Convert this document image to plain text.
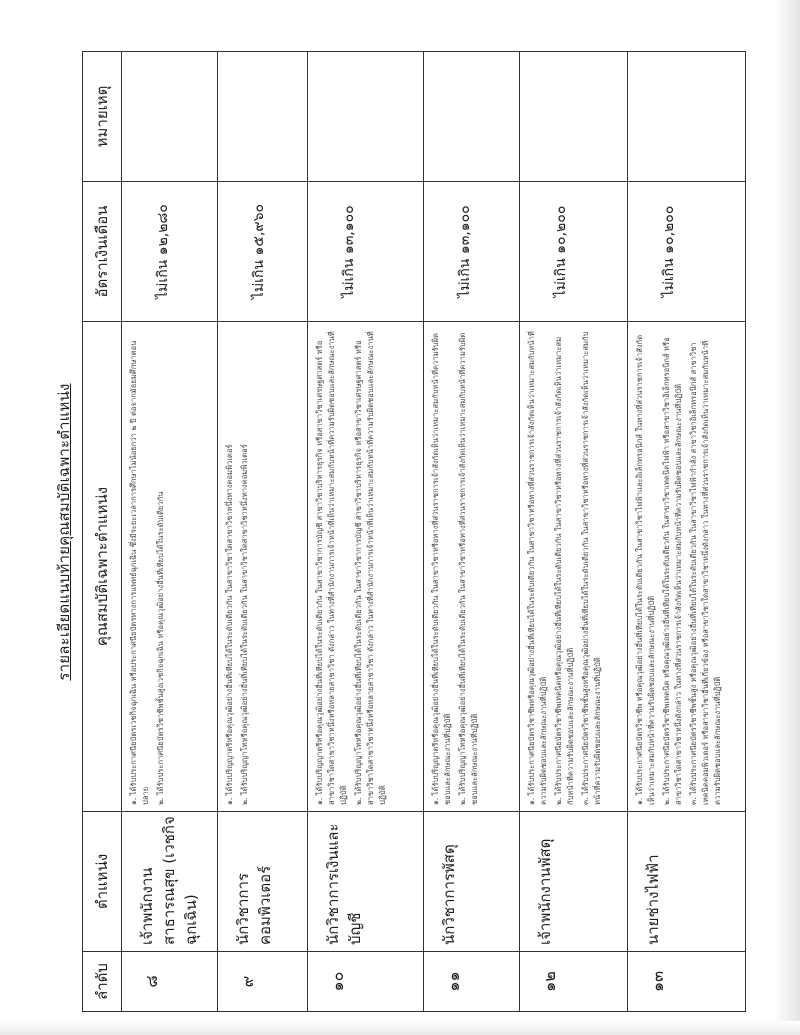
รายละเอียดแนบท้ายคุณสมบัติเฉพาะตำแหน่ง
ลำดับ	ตำแหน่ง	คุณสมบัติเฉพาะตำแหน่ง	อัตราเงินเดือน	หมายเหตุ
๘	เจ้าพนักงานสาธารณสุข (เวชกิจฉุกเฉิน)	๑. ได้รับประกาศนียบัตรเวชกิจฉุกเฉิน หรือประกาศนียบัตรทางการแพทย์ฉุกเฉิน ซึ่งมีระยะเวลาการศึกษาไม่น้อยกว่า ๒ ปี ต่อจากมัธยมศึกษาตอนปลาย ๒. ได้รับประกาศนียบัตรวิชาชีพชั้นสูงเวชกิจฉุกเฉิน หรือคุณวุฒิอย่างอื่นที่เทียบได้ในระดับเดียวกัน	ไม่เกิน ๑๒,๒๘๐	
๙	นักวิชาการคอมพิวเตอร์	๑. ได้รับปริญญาตรีหรือคุณวุฒิอย่างอื่นที่เทียบได้ในระดับเดียวกัน ในสาขาวิชาใดสาขาวิชาหนึ่งทางคอมพิวเตอร์ ๒. ได้รับปริญญาโทหรือคุณวุฒิอย่างอื่นที่เทียบได้ในระดับเดียวกัน ในสาขาวิชาใดสาขาวิชาหนึ่งทางคอมพิวเตอร์	ไม่เกิน ๑๕,๙๖๐	
๑๐	นักวิชาการเงินและบัญชี	๑. ได้รับปริญญาตรีหรือคุณวุฒิอย่างอื่นที่เทียบได้ในระดับเดียวกัน ในสาขาวิชาการบัญชี สาขาวิชาบริหารธุรกิจ หรือสาขาวิชาเศรษฐศาสตร์ หรือสาขาวิชาใดสาขาวิชาหนึ่งหรือหลายสาขาวิชา ดังกล่าว ในทางที่สำนักงานการเจ้าหน้าที่เห็นว่าเหมาะสมกับหน้าที่ความรับผิดชอบและลักษณะงานที่ปฏิบัติ ๒. ได้รับปริญญาโทหรือคุณวุฒิอย่างอื่นที่เทียบได้ในระดับเดียวกัน ในสาขาวิชาการบัญชี สาขาวิชาบริหารธุรกิจ หรือสาขาวิชาเศรษฐศาสตร์ หรือสาขาวิชาใดสาขาวิชาหนึ่งหรือหลายสาขาวิชา ดังกล่าว ในทางที่สำนักงานการเจ้าหน้าที่เห็นว่าเหมาะสมกับหน้าที่ความรับผิดชอบและลักษณะงานที่ปฏิบัติ	ไม่เกิน ๑๓,๑๐๐	
๑๑	นักวิชาการพัสดุ	๑. ได้รับปริญญาตรีหรือคุณวุฒิอย่างอื่นที่เทียบได้ในระดับเดียวกัน ในสาขาวิชาหรือทางที่ส่วนราชการเจ้าสังกัดเห็นว่าเหมาะสมกับหน้าที่ความรับผิดชอบและลักษณะงานที่ปฏิบัติ ๒. ได้รับปริญญาโทหรือคุณวุฒิอย่างอื่นที่เทียบได้ในระดับเดียวกัน ในสาขาวิชาหรือทางที่ส่วนราชการเจ้าสังกัดเห็นว่าเหมาะสมกับหน้าที่ความรับผิดชอบและลักษณะงานที่ปฏิบัติ	ไม่เกิน ๑๓,๑๐๐	
๑๒	เจ้าพนักงานพัสดุ	๑. ได้รับประกาศนียบัตรวิชาชีพหรือคุณวุฒิอย่างอื่นที่เทียบได้ในระดับเดียวกัน ในสาขาวิชาหรือทางที่ส่วนราชการเจ้าสังกัดเห็นว่าเหมาะสมกับหน้าที่ความรับผิดชอบและลักษณะงานที่ปฏิบัติ ๒. ได้รับประกาศนียบัตรวิชาชีพเทคนิคหรือคุณวุฒิอย่างอื่นที่เทียบได้ในระดับเดียวกัน ในสาขาวิชาหรือทางที่ส่วนราชการเจ้าสังกัดเห็นว่าเหมาะสมกับหน้าที่ความรับผิดชอบและลักษณะงานที่ปฏิบัติ ๓. ได้รับประกาศนียบัตรวิชาชีพชั้นสูงหรือคุณวุฒิอย่างอื่นที่เทียบได้ในระดับเดียวกัน ในสาขาวิชาหรือทางที่ส่วนราชการเจ้าสังกัดเห็นว่าเหมาะสมกับหน้าที่ความรับผิดชอบและลักษณะงานที่ปฏิบัติ	ไม่เกิน ๑๐,๒๐๐	
๑๓	นายช่างไฟฟ้า	๑. ได้รับประกาศนียบัตรวิชาชีพ หรือคุณวุฒิอย่างอื่นที่เทียบได้ในระดับเดียวกัน ในสาขาวิชาไฟฟ้าและอิเล็กทรอนิกส์ ในทางที่ส่วนราชการเจ้าสังกัดเห็นว่าเหมาะสมกับหน้าที่ความรับผิดชอบและลักษณะงานที่ปฏิบัติ ๒. ได้รับประกาศนียบัตรวิชาชีพเทคนิค หรือคุณวุฒิอย่างอื่นที่เทียบได้ในระดับเดียวกัน ในสาขาวิชาเทคนิคไฟฟ้า หรือสาขาวิชาอิเล็กทรอนิกส์ หรือสาขาวิชาใดสาขาวิชาหนึ่งดังกล่าว ในทางที่ส่วนราชการเจ้าสังกัดเห็นว่าเหมาะสมกับหน้าที่ความรับผิดชอบและลักษณะงานที่ปฏิบัติ ๓. ได้รับประกาศนียบัตรวิชาชีพชั้นสูง หรือคุณวุฒิอย่างอื่นที่เทียบได้ในระดับเดียวกัน ในสาขาวิชาไฟฟ้ากำลัง สาขาวิชาอิเล็กทรอนิกส์ สาขาวิชาเทคนิคคอมพิวเตอร์ หรือสาขาวิชาอื่นที่เกี่ยวข้อง หรือสาขาวิชาใดสาขาวิชาหนึ่งดังกล่าว ในทางที่ส่วนราชการเจ้าสังกัดเห็นว่าเหมาะสมกับหน้าที่ความรับผิดชอบและลักษณะงานที่ปฏิบัติ	ไม่เกิน ๑๐,๒๐๐	
